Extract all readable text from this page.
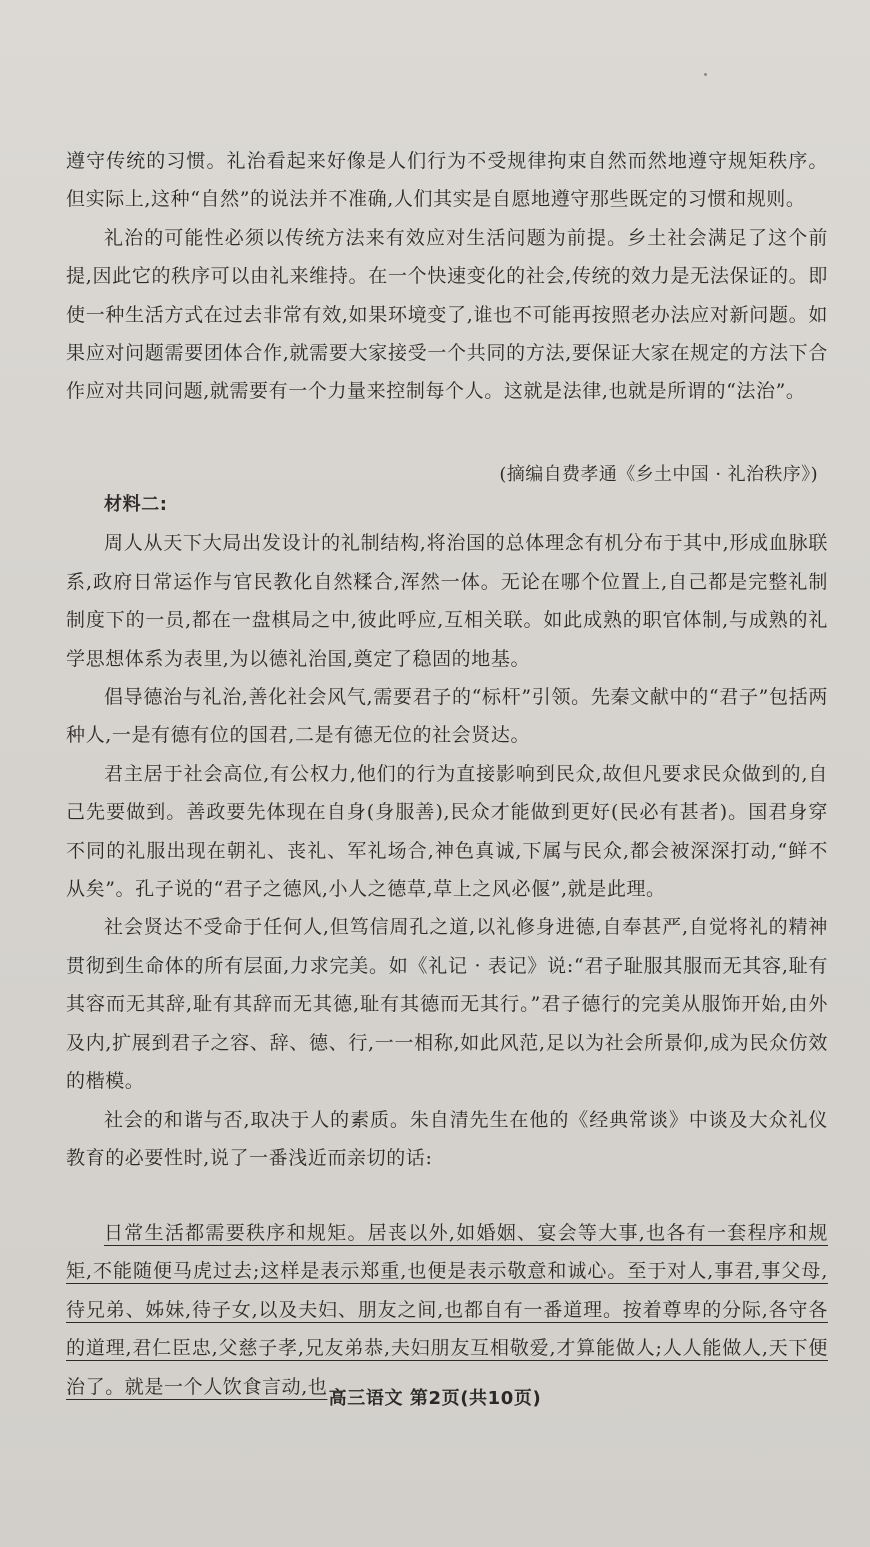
遵守传统的习惯。礼治看起来好像是人们行为不受规律拘束自然而然地遵守规矩秩序。但实际上,这种“自然”的说法并不准确,人们其实是自愿地遵守那些既定的习惯和规则。

礼治的可能性必须以传统方法来有效应对生活问题为前提。乡土社会满足了这个前提,因此它的秩序可以由礼来维持。在一个快速变化的社会,传统的效力是无法保证的。即使一种生活方式在过去非常有效,如果环境变了,谁也不可能再按照老办法应对新问题。如果应对问题需要团体合作,就需要大家接受一个共同的方法,要保证大家在规定的方法下合作应对共同问题,就需要有一个力量来控制每个人。这就是法律,也就是所谓的“法治”。

(摘编自费孝通《乡土中国 · 礼治秩序》)

材料二:

周人从天下大局出发设计的礼制结构,将治国的总体理念有机分布于其中,形成血脉联系,政府日常运作与官民教化自然糅合,浑然一体。无论在哪个位置上,自己都是完整礼制制度下的一员,都在一盘棋局之中,彼此呼应,互相关联。如此成熟的职官体制,与成熟的礼学思想体系为表里,为以德礼治国,奠定了稳固的地基。

倡导德治与礼治,善化社会风气,需要君子的“标杆”引领。先秦文献中的“君子”包括两种人,一是有德有位的国君,二是有德无位的社会贤达。

君主居于社会高位,有公权力,他们的行为直接影响到民众,故但凡要求民众做到的,自己先要做到。善政要先体现在自身(身服善),民众才能做到更好(民必有甚者)。国君身穿不同的礼服出现在朝礼、丧礼、军礼场合,神色真诚,下属与民众,都会被深深打动,“鲜不从矣”。孔子说的“君子之德风,小人之德草,草上之风必偃”,就是此理。

社会贤达不受命于任何人,但笃信周孔之道,以礼修身进德,自奉甚严,自觉将礼的精神贯彻到生命体的所有层面,力求完美。如《礼记 · 表记》说:“君子耻服其服而无其容,耻有其容而无其辞,耻有其辞而无其德,耻有其德而无其行。”君子德行的完美从服饰开始,由外及内,扩展到君子之容、辞、德、行,一一相称,如此风范,足以为社会所景仰,成为民众仿效的楷模。

社会的和谐与否,取决于人的素质。朱自清先生在他的《经典常谈》中谈及大众礼仪教育的必要性时,说了一番浅近而亲切的话:

日常生活都需要秩序和规矩。居丧以外,如婚姻、宴会等大事,也各有一套程序和规矩,不能随便马虎过去;这样是表示郑重,也便是表示敬意和诚心。至于对人,事君,事父母,待兄弟、姊妹,待子女,以及夫妇、朋友之间,也都自有一番道理。按着尊卑的分际,各守各的道理,君仁臣忠,父慈子孝,兄友弟恭,夫妇朋友互相敬爱,才算能做人;人人能做人,天下便治了。就是一个人饮食言动,也

高三语文 第2页(共10页)
